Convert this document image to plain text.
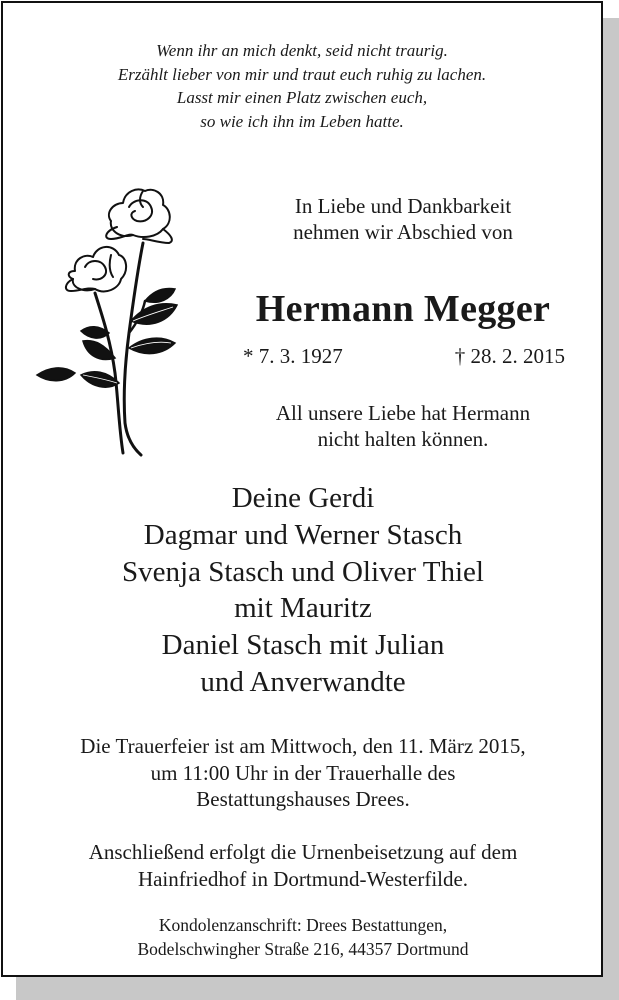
Wenn ihr an mich denkt, seid nicht traurig.
Erzählt lieber von mir und traut euch ruhig zu lachen.
Lasst mir einen Platz zwischen euch,
so wie ich ihn im Leben hatte.
In Liebe und Dankbarkeit
nehmen wir Abschied von
Hermann Megger
* 7. 3. 1927	† 28. 2. 2015
All unsere Liebe hat Hermann
nicht halten können.
Deine Gerdi
Dagmar und Werner Stasch
Svenja Stasch und Oliver Thiel
mit Mauritz
Daniel Stasch mit Julian
und Anverwandte
Die Trauerfeier ist am Mittwoch, den 11. März 2015,
um 11:00 Uhr in der Trauerhalle des
Bestattungshauses Drees.
Anschließend erfolgt die Urnenbeisetzung auf dem
Hainfriedhof in Dortmund-Westerfilde.
Kondolenzanschrift: Drees Bestattungen,
Bodelschwingher Straße 216, 44357 Dortmund
